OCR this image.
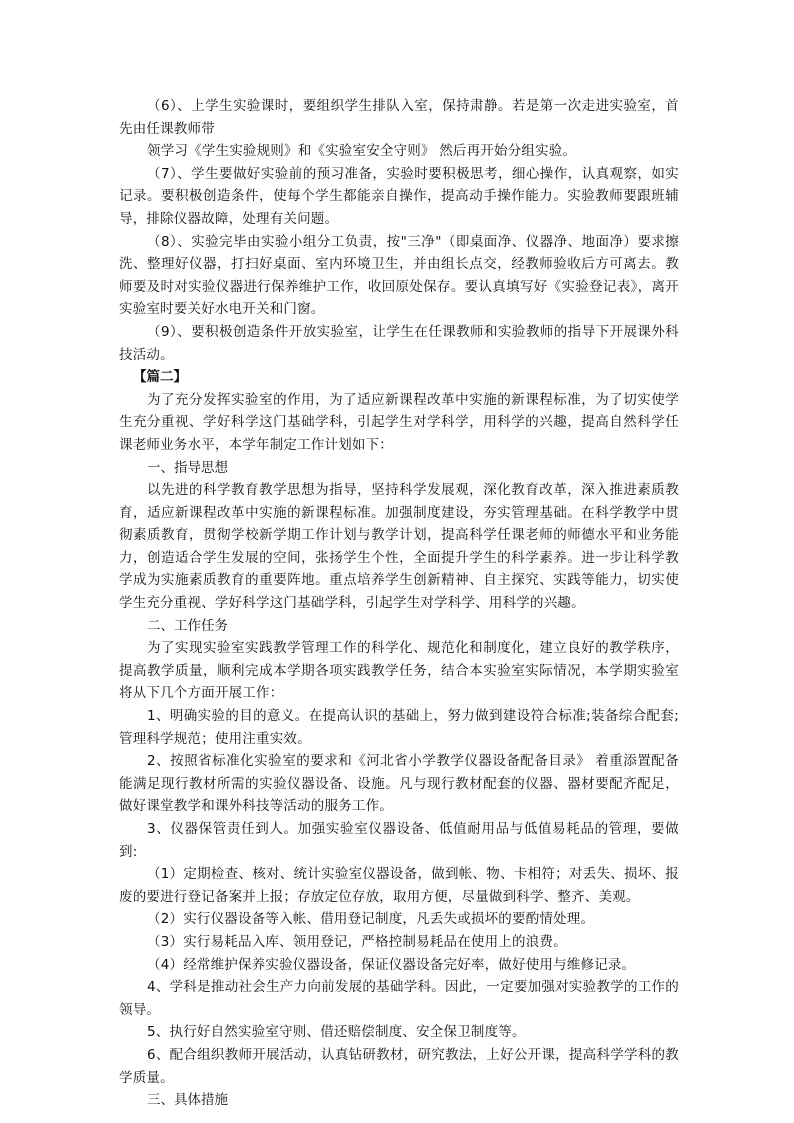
（6）、上学生实验课时，要组织学生排队入室，保持肃静。若是第一次走进实验室，首先由任课教师带

领学习《学生实验规则》和《实验室安全守则》 然后再开始分组实验。

（7）、学生要做好实验前的预习准备，实验时要积极思考，细心操作，认真观察，如实记录。要积极创造条件，使每个学生都能亲自操作，提高动手操作能力。实验教师要跟班辅导，排除仪器故障，处理有关问题。

（8）、实验完毕由实验小组分工负责，按"三净"（即桌面净、仪器净、地面净）要求擦洗、整理好仪器，打扫好桌面、室内环境卫生，并由组长点交，经教师验收后方可离去。教师要及时对实验仪器进行保养维护工作，收回原处保存。要认真填写好《实验登记表》，离开实验室时要关好水电开关和门窗。

（9）、要积极创造条件开放实验室，让学生在任课教师和实验教师的指导下开展课外科技活动。

【篇二】

为了充分发挥实验室的作用，为了适应新课程改革中实施的新课程标准，为了切实使学生充分重视、学好科学这门基础学科，引起学生对学科学，用科学的兴趣，提高自然科学任课老师业务水平，本学年制定工作计划如下：

一、指导思想

以先进的科学教育教学思想为指导，坚持科学发展观，深化教育改革，深入推进素质教育，适应新课程改革中实施的新课程标准。加强制度建设，夯实管理基础。在科学教学中贯彻素质教育，贯彻学校新学期工作计划与教学计划，提高科学任课老师的师德水平和业务能力，创造适合学生发展的空间，张扬学生个性，全面提升学生的科学素养。进一步让科学教学成为实施素质教育的重要阵地。重点培养学生创新精神、自主探究、实践等能力，切实使学生充分重视、学好科学这门基础学科，引起学生对学科学、用科学的兴趣。

二、工作任务

为了实现实验室实践教学管理工作的科学化、规范化和制度化，建立良好的教学秩序，提高教学质量，顺利完成本学期各项实践教学任务，结合本实验室实际情况，本学期实验室将从下几个方面开展工作：

1、明确实验的目的意义。在提高认识的基础上，努力做到建设符合标准;装备综合配套;管理科学规范；使用注重实效。

2、按照省标准化实验室的要求和《河北省小学教学仪器设备配备目录》 着重添置配备能满足现行教材所需的实验仪器设备、设施。凡与现行教材配套的仪器、器材要配齐配足，做好课堂教学和课外科技等活动的服务工作。

3、仪器保管责任到人。加强实验室仪器设备、低值耐用品与低值易耗品的管理，要做到:

（1）定期检查、核对、统计实验室仪器设备，做到帐、物、卡相符；对丢失、损坏、报废的要进行登记备案并上报；存放定位存放，取用方便，尽量做到科学、整齐、美观。

（2）实行仪器设备等入帐、借用登记制度，凡丢失或损坏的要酌情处理。

（3）实行易耗品入库、领用登记，严格控制易耗品在使用上的浪费。

（4）经常维护保养实验仪器设备，保证仪器设备完好率，做好使用与维修记录。

4、学科是推动社会生产力向前发展的基础学科。因此，一定要加强对实验教学的工作的领导。

5、执行好自然实验室守则、借还赔偿制度、安全保卫制度等。

6、配合组织教师开展活动，认真钻研教材，研究教法，上好公开课，提高科学学科的教学质量。

三、具体措施
